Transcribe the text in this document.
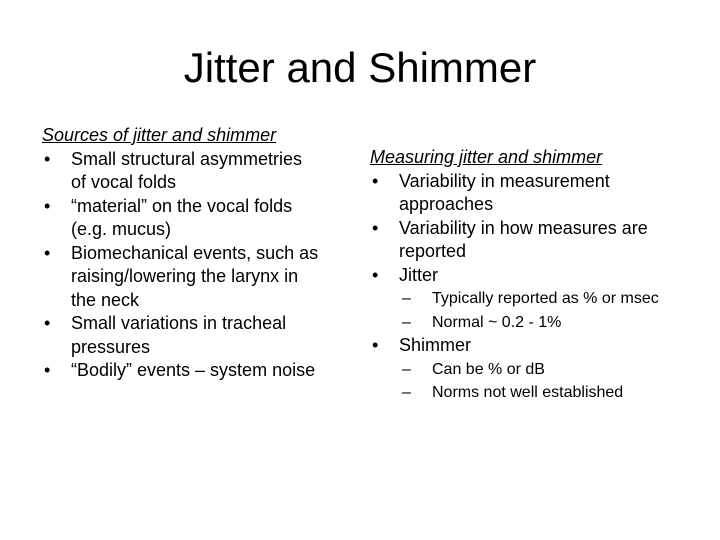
Jitter and Shimmer

Sources of jitter and shimmer

• Small structural asymmetries
of vocal folds
• “material” on the vocal folds
(e.g. mucus)
• Biomechanical events, such as
raising/lowering the larynx in
the neck
• Small variations in tracheal
pressures
• “Bodily” events – system noise

Measuring jitter and shimmer

• Variability in measurement
approaches
• Variability in how measures are
reported
• Jitter
– Typically reported as % or msec
– Normal ~ 0.2 - 1%
• Shimmer
– Can be % or dB
– Norms not well established
